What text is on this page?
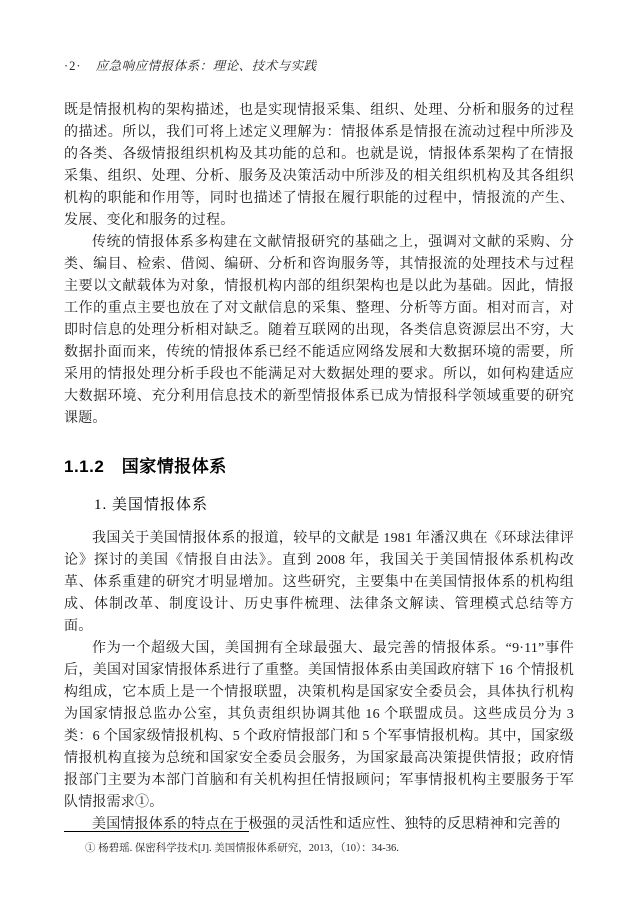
·2· 应急响应情报体系：理论、技术与实践

既是情报机构的架构描述，也是实现情报采集、组织、处理、分析和服务的过程的描述。所以，我们可将上述定义理解为：情报体系是情报在流动过程中所涉及的各类、各级情报组织机构及其功能的总和。也就是说，情报体系架构了在情报采集、组织、处理、分析、服务及决策活动中所涉及的相关组织机构及其各组织机构的职能和作用等，同时也描述了情报在履行职能的过程中，情报流的产生、发展、变化和服务的过程。

传统的情报体系多构建在文献情报研究的基础之上，强调对文献的采购、分类、编目、检索、借阅、编研、分析和咨询服务等，其情报流的处理技术与过程主要以文献载体为对象，情报机构内部的组织架构也是以此为基础。因此，情报工作的重点主要也放在了对文献信息的采集、整理、分析等方面。相对而言，对即时信息的处理分析相对缺乏。随着互联网的出现，各类信息资源层出不穷，大数据扑面而来，传统的情报体系已经不能适应网络发展和大数据环境的需要，所采用的情报处理分析手段也不能满足对大数据处理的要求。所以，如何构建适应大数据环境、充分利用信息技术的新型情报体系已成为情报科学领域重要的研究课题。

1.1.2　国家情报体系
1. 美国情报体系

我国关于美国情报体系的报道，较早的文献是 1981 年潘汉典在《环球法律评论》探讨的美国《情报自由法》。直到 2008 年，我国关于美国情报体系机构改革、体系重建的研究才明显增加。这些研究，主要集中在美国情报体系的机构组成、体制改革、制度设计、历史事件梳理、法律条文解读、管理模式总结等方面。

作为一个超级大国，美国拥有全球最强大、最完善的情报体系。“9·11”事件后，美国对国家情报体系进行了重整。美国情报体系由美国政府辖下 16 个情报机构组成，它本质上是一个情报联盟，决策机构是国家安全委员会，具体执行机构为国家情报总监办公室，其负责组织协调其他 16 个联盟成员。这些成员分为 3 类：6 个国家级情报机构、5 个政府情报部门和 5 个军事情报机构。其中，国家级情报机构直接为总统和国家安全委员会服务，为国家最高决策提供情报；政府情报部门主要为本部门首脑和有关机构担任情报顾问；军事情报机构主要服务于军队情报需求①。

美国情报体系的特点在于极强的灵活性和适应性、独特的反思精神和完善的

① 杨碧瑶. 保密科学技术[J]. 美国情报体系研究，2013，（10）：34-36.
